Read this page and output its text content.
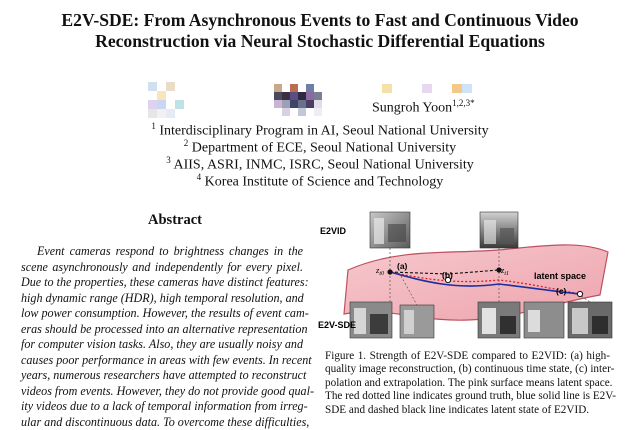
E2V-SDE: From Asynchronous Events to Fast and Continuous Video
Reconstruction via Neural Stochastic Differential Equations
Sungroh Yoon$^{1,2,3*}$
$^1$ Interdisciplinary Program in AI, Seoul National University
$^2$ Department of ECE, Seoul National University
$^3$ AIIS, ASRI, INMC, ISRC, Seoul National University
$^4$ Korea Institute of Science and Technology
Abstract
Event cameras respond to brightness changes in the
scene asynchronously and independently for every pixel.
Due to the properties, these cameras have distinct features:
high dynamic range (HDR), high temporal resolution, and
low power consumption. However, the results of event cam-
eras should be processed into an alternative representation
for computer vision tasks. Also, they are usually noisy and
causes poor performance in areas with few events. In recent
years, numerous researchers have attempted to reconstruct
videos from events. However, they do not provide good qual-
ity videos due to a lack of temporal information from irreg-
ular and discontinuous data. To overcome these difficulties,
E2VID
E2V-SDE
latent space
(a)
(b)
(c)
$z_{t0}$	$z_{t1}$
Figure 1. Strength of E2V-SDE compared to E2VID: (a) high-
quality image reconstruction, (b) continuous time state, (c) inter-
polation and extrapolation. The pink surface means latent space.
The red dotted line indicates ground truth, blue solid line is E2V-
SDE and dashed black line indicates latent state of E2VID.
